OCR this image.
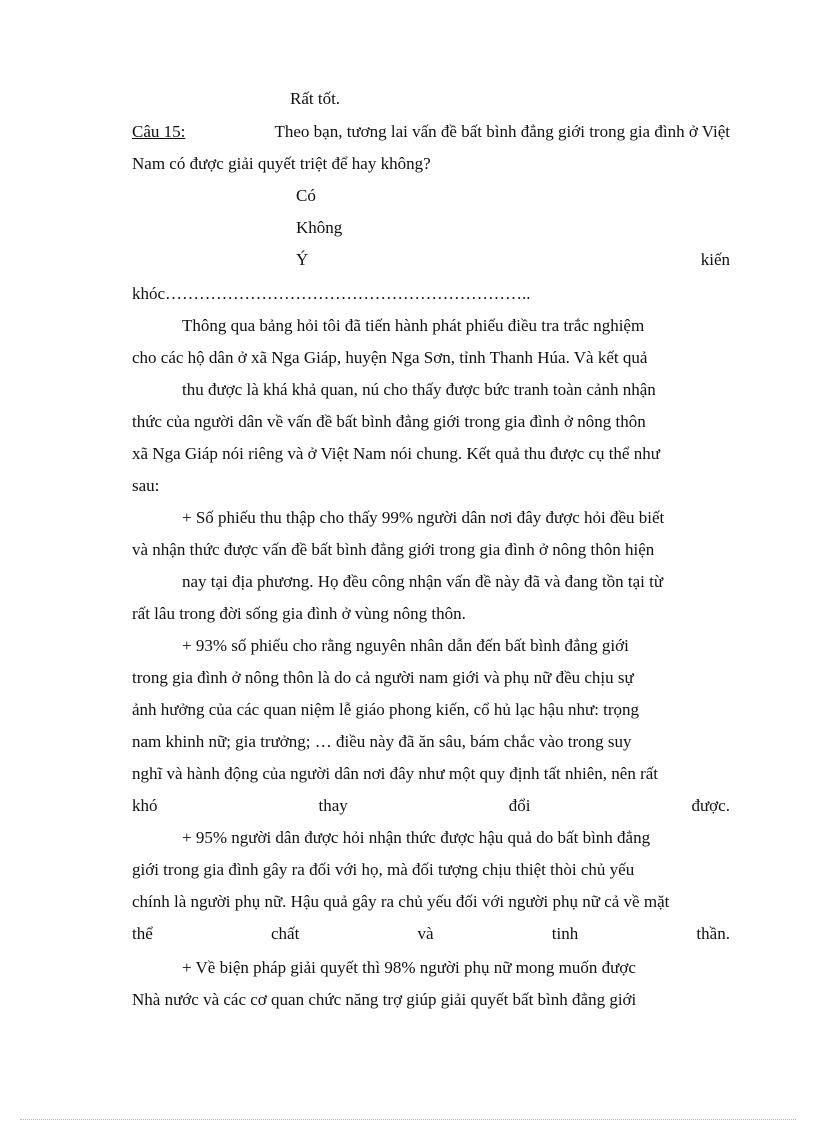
Rất tốt.
Câu 15:	Theo bạn, tương lai vấn đề bất bình đẳng giới trong gia đình ở Việt
Nam có được giải quyết triệt để hay không?
Có
Không
Ý	kiến
khóc………………………………………………………..
Thông qua bảng hỏi tôi đã tiến hành phát phiếu điều tra trắc nghiệm
cho các hộ dân ở xã Nga Giáp, huyện Nga Sơn, tỉnh Thanh Húa. Và kết quả
thu được là khá khả quan, nú cho thấy được bức tranh toàn cảnh nhận
thức của người dân về vấn đề bất bình đẳng giới trong gia đình ở nông thôn
xã Nga Giáp nói riêng và ở Việt Nam nói chung. Kết quả thu được cụ thể như
sau:
+ Số phiếu thu thập cho thấy 99% người dân nơi đây được hỏi đều biết
và nhận thức được vấn đề bất bình đẳng giới trong gia đình ở nông thôn hiện
nay tại địa phương. Họ đều công nhận vấn đề này đã và đang tồn tại từ
rất lâu trong đời sống gia đình ở vùng nông thôn.
+ 93% số phiếu cho rằng nguyên nhân dẫn đến bất bình đẳng giới
trong gia đình ở nông thôn là do cả người nam giới và phụ nữ đều chịu sự
ảnh hưởng của các quan niệm lễ giáo phong kiến, cổ hủ lạc hậu như: trọng
nam khinh nữ; gia trưởng; … điều này đã ăn sâu, bám chắc vào trong suy
nghĩ và hành động của người dân nơi đây như một quy định tất nhiên, nên rất
khó	thay	đổi	được.
+ 95% người dân được hỏi nhận thức được hậu quả do bất bình đẳng
giới trong gia đình gây ra đối với họ, mà đối tượng chịu thiệt thòi chủ yếu
chính là người phụ nữ. Hậu quả gây ra chủ yếu đối với người phụ nữ cả về mặt
thể	chất	và	tinh	thần.
+ Về biện pháp giải quyết thì 98% người phụ nữ mong muốn được
Nhà nước và các cơ quan chức năng trợ giúp giải quyết bất bình đẳng giới
